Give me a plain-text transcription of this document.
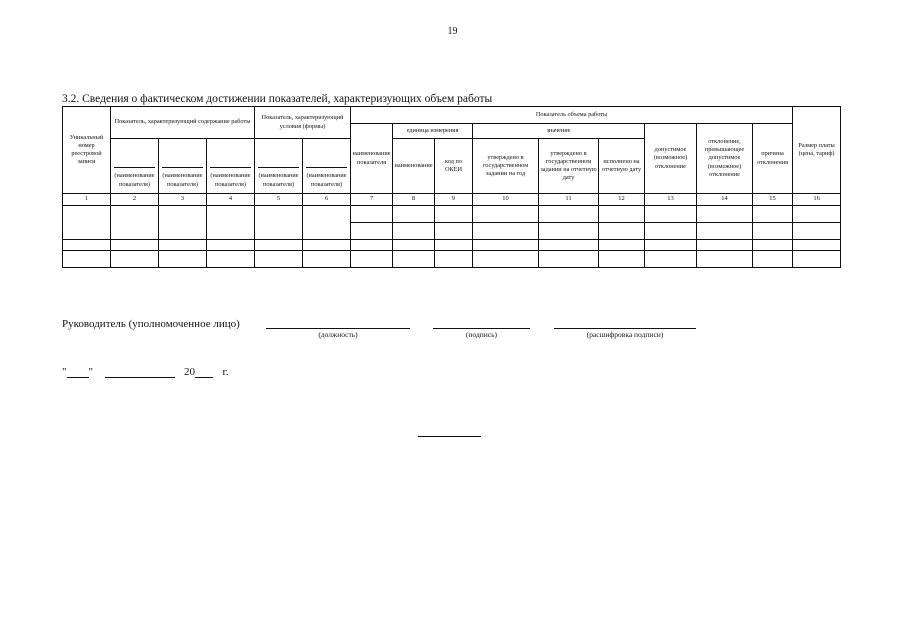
19
3.2. Сведения о фактическом достижении показателей, характеризующих объем работы
Уникальный номер реестровой записи	Показатель, характеризующий содержание работы			Показатель, характеризующий условия (формы)		Показатель объема работы									Размер платы (цена, тариф)
						наименование показателя	единица измерения		значение			допустимое (возможное) отклонение	отклонение, превышающее допустимое (возможное) отклонение	причина отклонения	
							наименование	код по ОКЕИ	утверждено в государственном задании на год	утверждено в государственном задании на отчетную дату	исполнено на отчетную дату				

	(наименование показателя)	(наименование показателя)	(наименование показателя)	(наименование показателя)	(наименование показателя)										

1	2	3	4	5	6	7	8	9	10	11	12	13	14	15	16

Руководитель (уполномоченное лицо)
(должность)	(подпись)	(расшифровка подписи)
" "	20	г.
